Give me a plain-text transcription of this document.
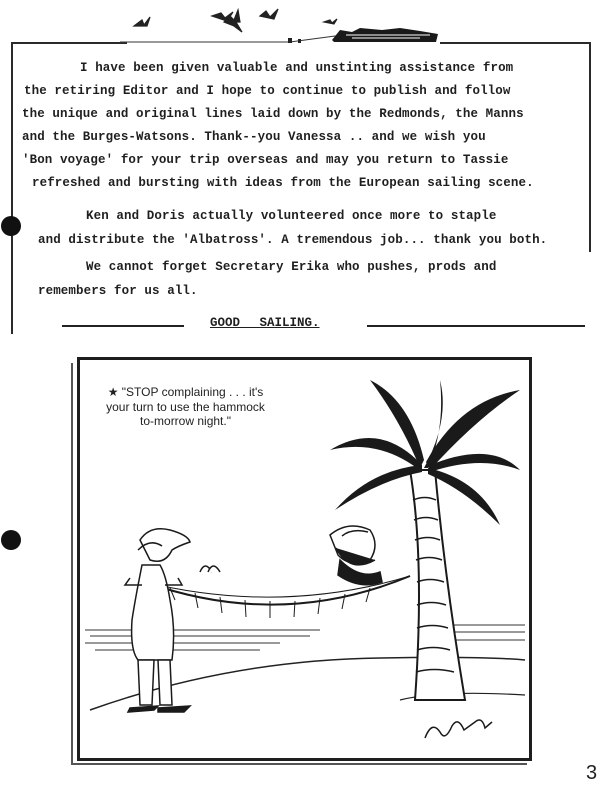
I have been given valuable and unstinting assistance from
the retiring Editor and I hope to continue to publish and follow
the unique and original lines laid down by the Redmonds, the Manns
and the Burges-Watsons. Thank--you Vanessa .. and we wish you
'Bon voyage' for your trip overseas and may you return to Tassie
refreshed and bursting with ideas from the European sailing scene.
Ken and Doris actually volunteered once more to staple
and distribute the 'Albatross'. A tremendous job... thank you both.
We cannot forget Secretary Erika who pushes, prods and
remembers for us all.
GOOD SAILING.
★ "STOP complaining . . . it's your turn to use the hammock to-morrow night."
3
